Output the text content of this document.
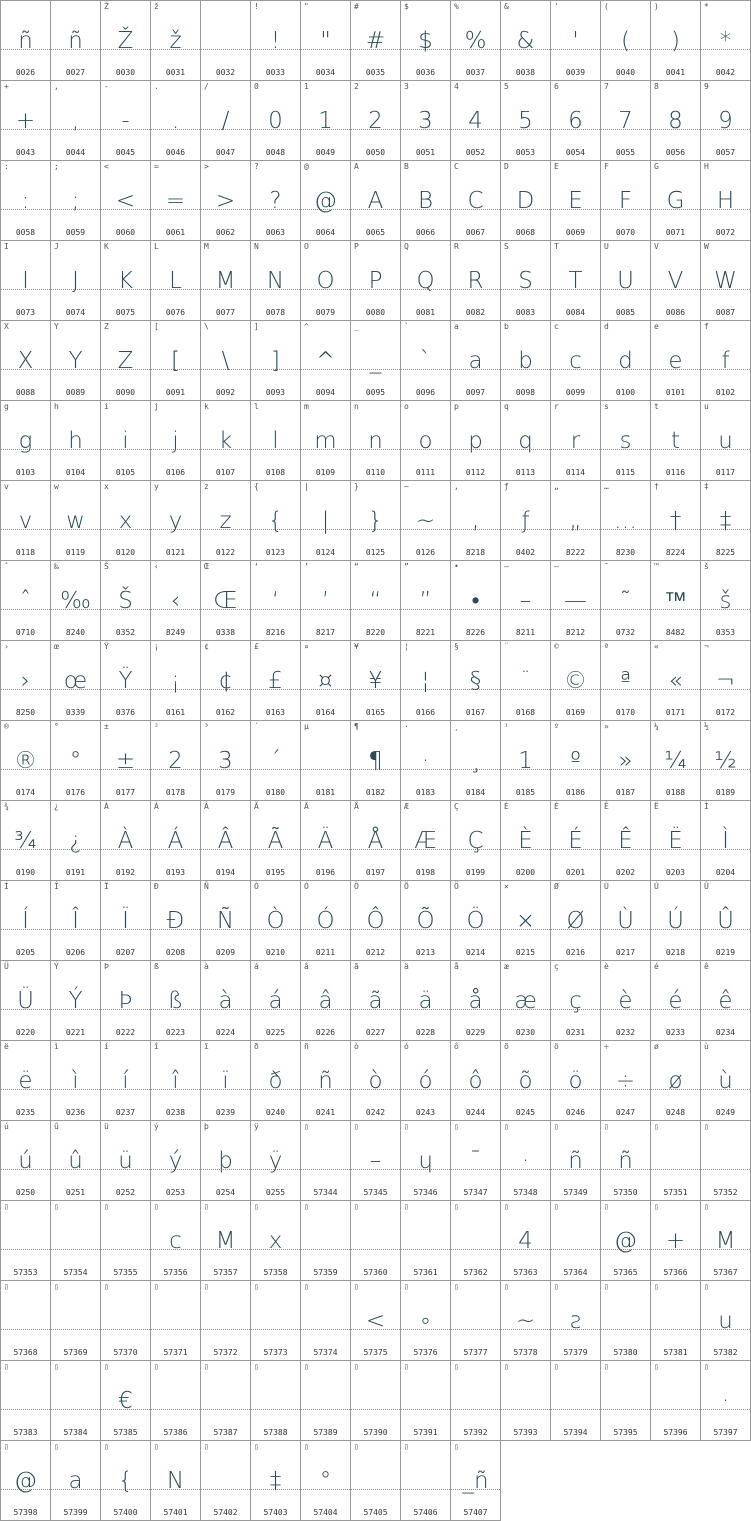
ñ
0026
ñ
0027
Ž
Ž
0030
ž
ž
0031	0032
!
!
0033
"
"
0034
#
#
0035
$
$
0036
%
%
0037
&
&
0038
'
'
0039
(
(
0040
)
)
0041
*
*
0042
+
+
0043
,
,
0044
-
-
0045
.
.
0046
/
/
0047
0
0
0048
1
1
0049
2
2
0050
3
3
0051
4
4
0052
5
5
0053
6
6
0054
7
7
0055
8
8
0056
9
9
0057
:
:
0058
;
;
0059
<
<
0060
=
=
0061
>
>
0062
?
?
0063
@
@
0064
A
A
0065
B
B
0066
C
C
0067
D
D
0068
E
E
0069
F
F
0070
G
G
0071
H
H
0072
I
I
0073
J
J
0074
K
K
0075
L
L
0076
M
M
0077
N
N
0078
O
O
0079
P
P
0080
Q
Q
0081
R
R
0082
S
S
0083
T
T
0084
U
U
0085
V
V
0086
W
W
0087
X
X
0088
Y
Y
0089
Z
Z
0090
[
[
0091
\
\
0092
]
]
0093
^
^
0094
_
_
0095
`
`
0096
a
a
0097
b
b
0098
c
c
0099
d
d
0100
e
e
0101
f
f
0102
g
g
0103
h
h
0104
i
i
0105
j
j
0106
k
k
0107
l
l
0108
m
m
0109
n
n
0110
o
o
0111
p
p
0112
q
q
0113
r
r
0114
s
s
0115
t
t
0116
u
u
0117
v
v
0118
w
w
0119
x
x
0120
y
y
0121
z
z
0122
{
{
0123
|
|
0124
}
}
0125
~
~
0126
‚
‚
8218
ƒ
ƒ
0402
„
„
8222
…
…
8230
†
†
8224
‡
‡
8225
ˆ
ˆ
0710
‰
‰
8240
Š
Š
0352
‹
‹
8249
Œ
Œ
0338
‘
‘
8216
’
’
8217
“
“
8220
”
”
8221
•
•
8226
–
–
8211
—
—
8212
˜
˜
0732
™
™
8482
š
š
0353
›
›
8250
œ
œ
0339
Ÿ
Ÿ
0376
¡
¡
0161
¢
¢
0162
£
£
0163
¤
¤
0164
¥
¥
0165
¦
¦
0166
§
§
0167
¨
¨
0168
©
©
0169
ª
ª
0170
«
«
0171
¬
¬
0172
®
®
0174
°
°
0176
±
±
0177
²
2
0178
³
3
0179
´
´
0180
µ
0181
¶
¶
0182
·
·
0183
¸
¸
0184
¹
1
0185
º
º
0186
»
»
0187
¼
¼
0188
½
½
0189
¾
¾
0190
¿
¿
0191
À
À
0192
Á
Á
0193
Â
Â
0194
Ã
Ã
0195
Ä
Ä
0196
Å
Å
0197
Æ
Æ
0198
Ç
Ç
0199
È
È
0200
É
É
0201
Ê
Ê
0202
Ë
Ë
0203
Ì
Ì
0204
Í
Í
0205
Î
Î
0206
Ï
Ï
0207
Ð
Ð
0208
Ñ
Ñ
0209
Ò
Ò
0210
Ó
Ó
0211
Ô
Ô
0212
Õ
Õ
0213
Ö
Ö
0214
×
×
0215
Ø
Ø
0216
Ù
Ù
0217
Ú
Ú
0218
Û
Û
0219
Ü
Ü
0220
Ý
Ý
0221
Þ
Þ
0222
ß
ß
0223
à
à
0224
á
á
0225
â
â
0226
ã
ã
0227
ä
ä
0228
å
å
0229
æ
æ
0230
ç
ç
0231
è
è
0232
é
é
0233
ê
ê
0234
ë
ë
0235
ì
ì
0236
í
í
0237
î
î
0238
ï
ï
0239
ð
ð
0240
ñ
ñ
0241
ò
ò
0242
ó
ó
0243
ô
ô
0244
õ
õ
0245
ö
ö
0246
÷
÷
0247
ø
ø
0248
ù
ù
0249
ú
ú
0250
û
û
0251
ü
ü
0252
ý
ý
0253
þ
þ
0254
ÿ
ÿ
0255
▯
57344
▯
–
57345
▯
ɥ
57346
▯
¯
57347
▯
·
57348
▯
ñ
57349
▯
ñ
57350
▯
57351
▯
57352
▯
57353
▯
57354
▯
57355
▯
c
57356
▯
M
57357
▯
x
57358
▯
57359
▯
57360
▯
57361
▯
57362
▯
4
57363
▯
57364
▯
@
57365
▯
+
57366
▯
M
57367
▯
57368
▯
57369
▯
57370
▯
57371
▯
57372
▯
57373
▯
57374
▯
<
57375
▯
∘
57376
▯
57377
▯
~
57378
▯
ƨ
57379
▯
57380
▯
57381
▯
u
57382
▯
57383
▯
57384
▯
€
57385
▯
57386
▯
57387
▯
57388
▯
57389
▯
57390
▯
57391
▯
57392
▯
57393
▯
57394
▯
57395
▯
57396
▯
·
57397
▯
@
57398
▯
a
57399
▯
{
57400
▯
N
57401
▯
57402
▯
‡
57403
▯
°
57404
▯
57405
▯
57406
▯
_ñ
57407
